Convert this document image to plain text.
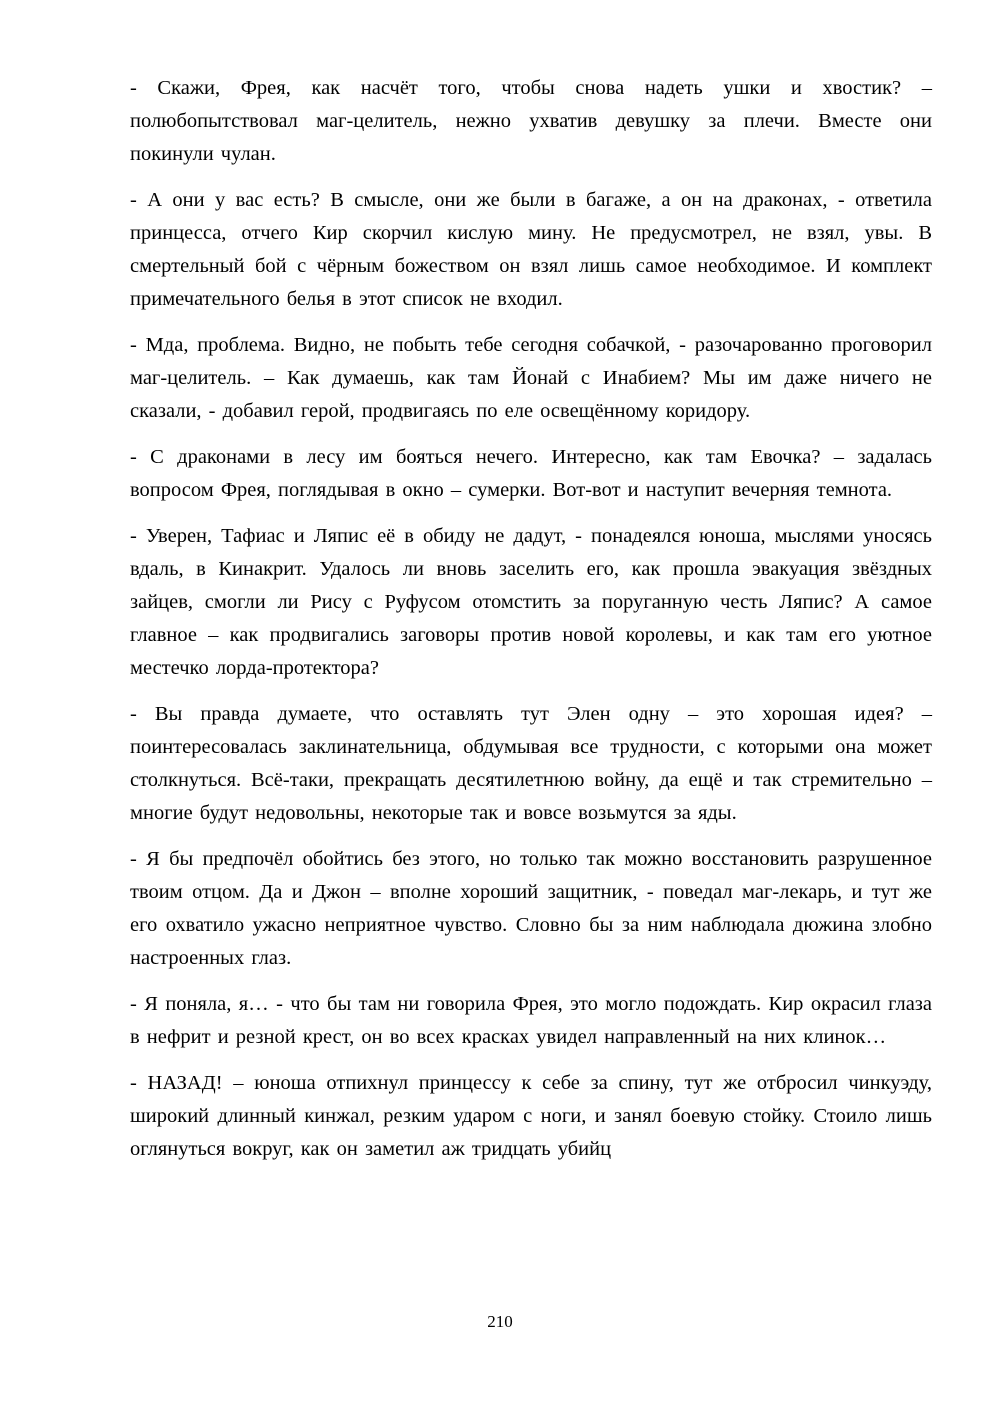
- Скажи, Фрея, как насчёт того, чтобы снова надеть ушки и хвостик? – полюбопытствовал маг-целитель, нежно ухватив девушку за плечи. Вместе они покинули чулан.

- А они у вас есть? В смысле, они же были в багаже, а он на драконах, - ответила принцесса, отчего Кир скорчил кислую мину. Не предусмотрел, не взял, увы. В смертельный бой с чёрным божеством он взял лишь самое необходимое. И комплект примечательного белья в этот список не входил.

- Мда, проблема. Видно, не побыть тебе сегодня собачкой, - разочарованно проговорил маг-целитель. – Как думаешь, как там Йонай с Инабием? Мы им даже ничего не сказали, - добавил герой, продвигаясь по еле освещённому коридору.

- С драконами в лесу им бояться нечего. Интересно, как там Евочка? – задалась вопросом Фрея, поглядывая в окно – сумерки. Вот-вот и наступит вечерняя темнота.

- Уверен, Тафиас и Ляпис её в обиду не дадут, - понадеялся юноша, мыслями уносясь вдаль, в Кинакрит. Удалось ли вновь заселить его, как прошла эвакуация звёздных зайцев, смогли ли Рису с Руфусом отомстить за поруганную честь Ляпис? А самое главное – как продвигались заговоры против новой королевы, и как там его уютное местечко лорда-протектора?

- Вы правда думаете, что оставлять тут Элен одну – это хорошая идея? – поинтересовалась заклинательница, обдумывая все трудности, с которыми она может столкнуться. Всё-таки, прекращать десятилетнюю войну, да ещё и так стремительно – многие будут недовольны, некоторые так и вовсе возьмутся за яды.

- Я бы предпочёл обойтись без этого, но только так можно восстановить разрушенное твоим отцом. Да и Джон – вполне хороший защитник, - поведал маг-лекарь, и тут же его охватило ужасно неприятное чувство. Словно бы за ним наблюдала дюжина злобно настроенных глаз.

- Я поняла, я… - что бы там ни говорила Фрея, это могло подождать. Кир окрасил глаза в нефрит и резной крест, он во всех красках увидел направленный на них клинок…

- НАЗАД! – юноша отпихнул принцессу к себе за спину, тут же отбросил чинкуэду, широкий длинный кинжал, резким ударом с ноги, и занял боевую стойку. Стоило лишь оглянуться вокруг, как он заметил аж тридцать убийц

210
